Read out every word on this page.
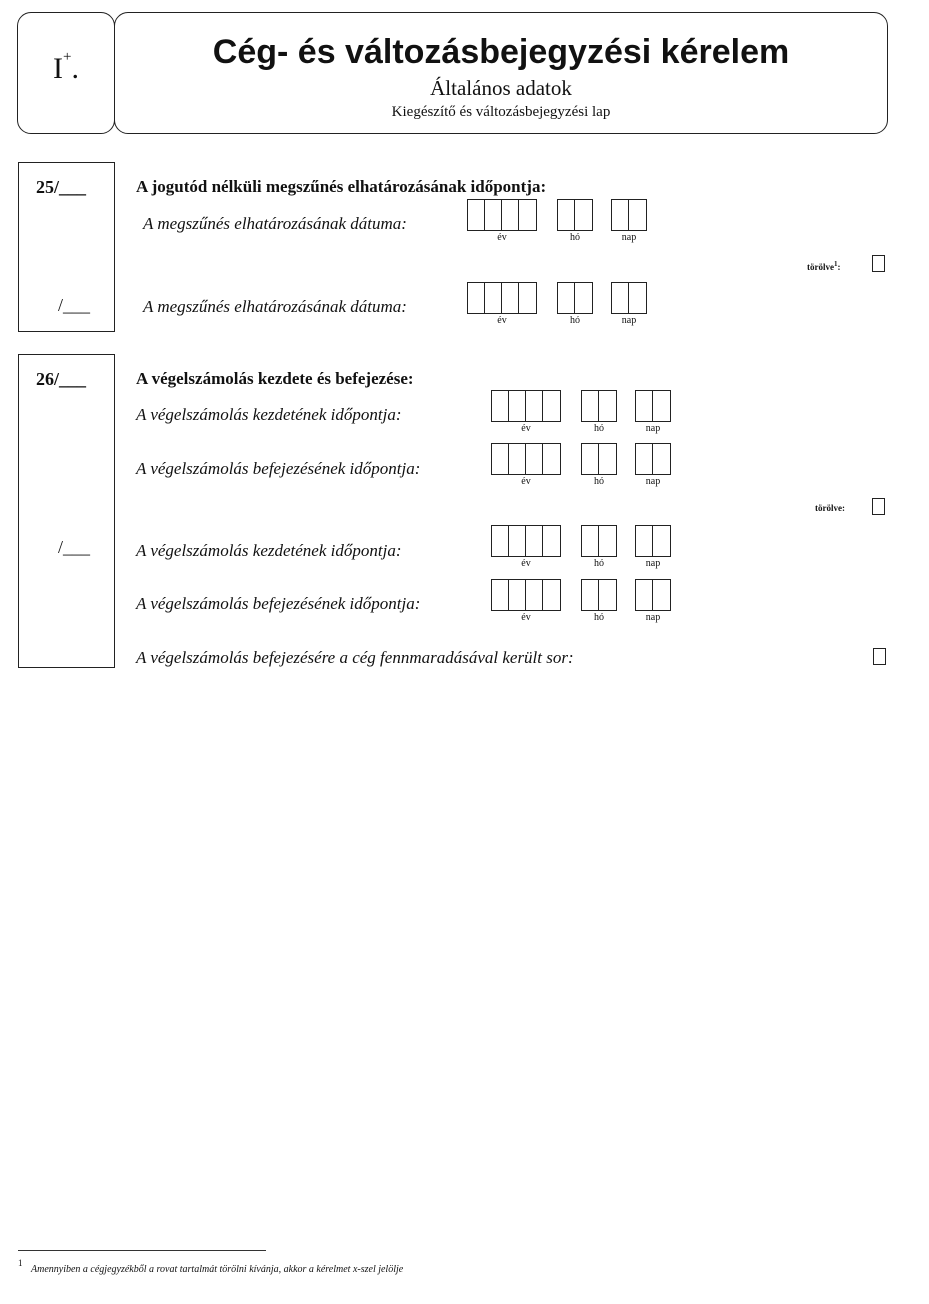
I+.	Cég- és változásbejegyzési kérelem
Általános adatok
Kiegészítő és változásbejegyzési lap
25/___
/___
A jogutód nélküli megszűnés elhatározásának időpontja:
A megszűnés elhatározásának dátuma:
év	hó	nap
törölve$^1$:
A megszűnés elhatározásának dátuma:
év	hó	nap
26/___
/___
A végelszámolás kezdete és befejezése:
A végelszámolás kezdetének időpontja:
év	hó	nap
A végelszámolás befejezésének időpontja:
év	hó	nap
törölve:
A végelszámolás kezdetének időpontja:
év	hó	nap
A végelszámolás befejezésének időpontja:
év	hó	nap
A végelszámolás befejezésére a cég fennmaradásával került sor:
1
Amennyiben a cégjegyzékből a rovat tartalmát törölni kívánja, akkor a kérelmet x-szel jelölje
